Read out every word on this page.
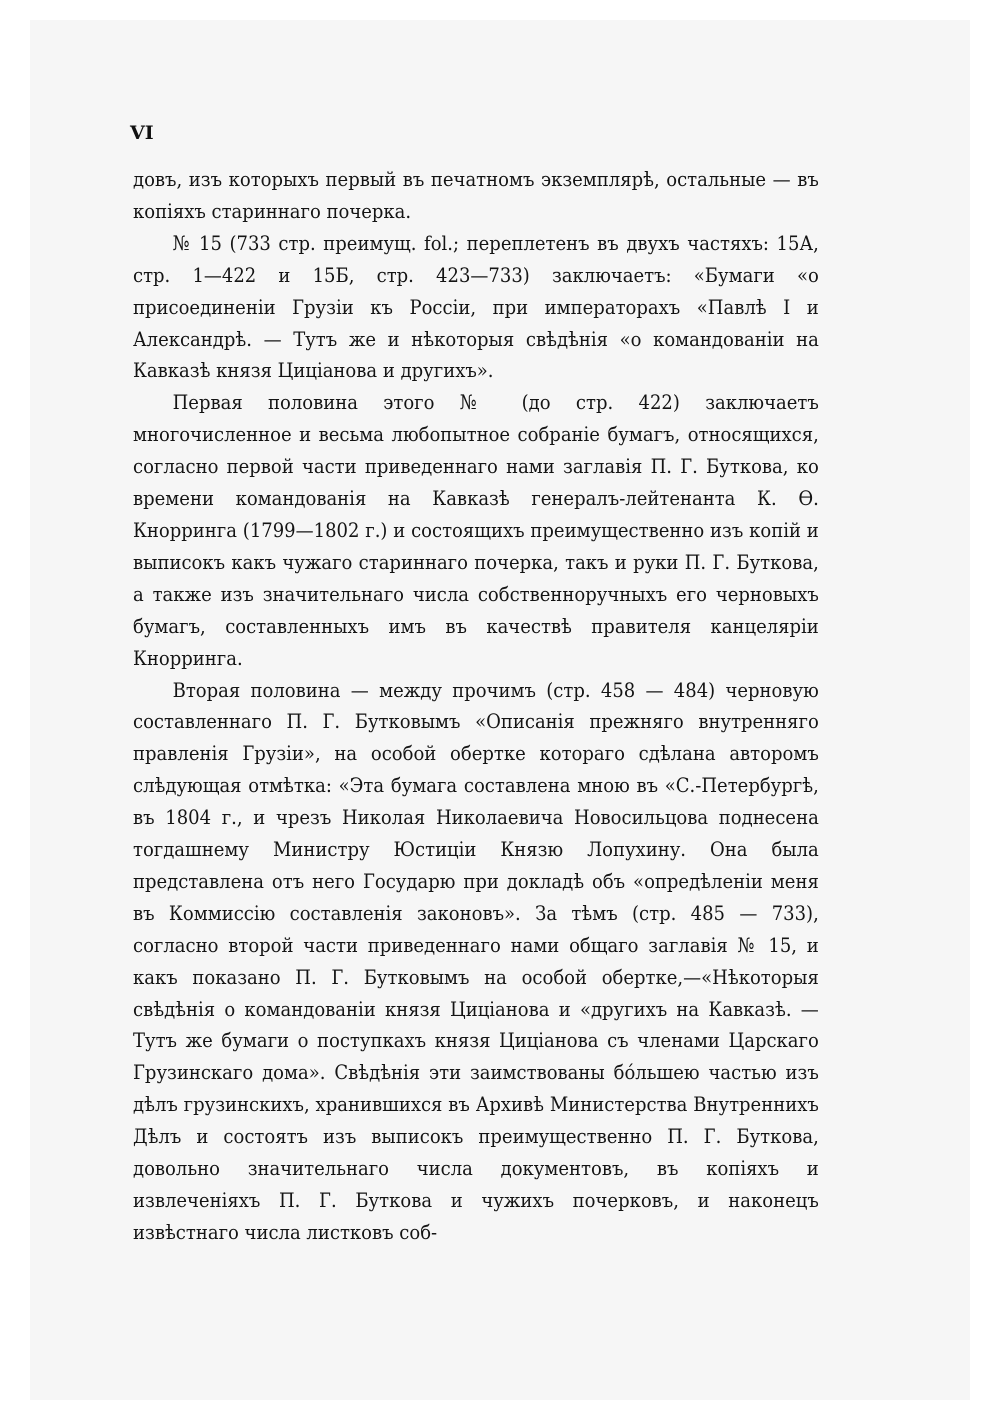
VI

довъ, изъ которыхъ первый въ печатномъ экземплярѣ, остальные — въ копіяхъ стариннаго почерка.

№ 15 (733 стр. преимущ. fol.; переплетенъ въ двухъ частяхъ: 15А, стр. 1—422 и 15Б, стр. 423—733) заключаетъ: «Бумаги «о присоединеніи Грузіи къ Россіи, при императорахъ «Павлѣ I и Александрѣ. — Тутъ же и нѣкоторыя свѣдѣнія «о командованіи на Кавказѣ князя Циціанова и другихъ».

Первая половина этого № (до стр. 422) заключаетъ многочисленное и весьма любопытное собраніе бумагъ, относящихся, согласно первой части приведеннаго нами заглавія П. Г. Буткова, ко времени командованія на Кавказѣ генералъ-лейтенанта К. Ѳ. Кнорринга (1799—1802 г.) и состоящихъ преимущественно изъ копій и выписокъ какъ чужаго стариннаго почерка, такъ и руки П. Г. Буткова, а также изъ значительнаго числа собственноручныхъ его черновыхъ бумагъ, составленныхъ имъ въ качествѣ правителя канцеляріи Кнорринга.

Вторая половина — между прочимъ (стр. 458 — 484) черновую составленнаго П. Г. Бутковымъ «Описанія прежняго внутренняго правленія Грузіи», на особой обертке котораго сдѣлана авторомъ слѣдующая отмѣтка: «Эта бумага составлена мною въ «С.-Петербургѣ, въ 1804 г., и чрезъ Николая Николаевича Новосильцова поднесена тогдашнему Министру Юстиціи Князю Лопухину. Она была представлена отъ него Государю при докладѣ объ «опредѣленіи меня въ Коммиссію составленія законовъ». За тѣмъ (стр. 485 — 733), согласно второй части приведеннаго нами общаго заглавія № 15, и какъ показано П. Г. Бутковымъ на особой обертке,—«Нѣкоторыя свѣдѣнія о командованіи князя Циціанова и «другихъ на Кавказѣ. — Тутъ же бумаги о поступкахъ князя Циціанова съ членами Царскаго Грузинскаго дома». Свѣдѣнія эти заимствованы бо́льшею частью изъ дѣлъ грузинскихъ, хранившихся въ Архивѣ Министерства Внутреннихъ Дѣлъ и состоятъ изъ выписокъ преимущественно П. Г. Буткова, довольно значительнаго числа документовъ, въ копіяхъ и извлеченіяхъ П. Г. Буткова и чужихъ почерковъ, и наконецъ извѣстнаго числа листковъ соб-
